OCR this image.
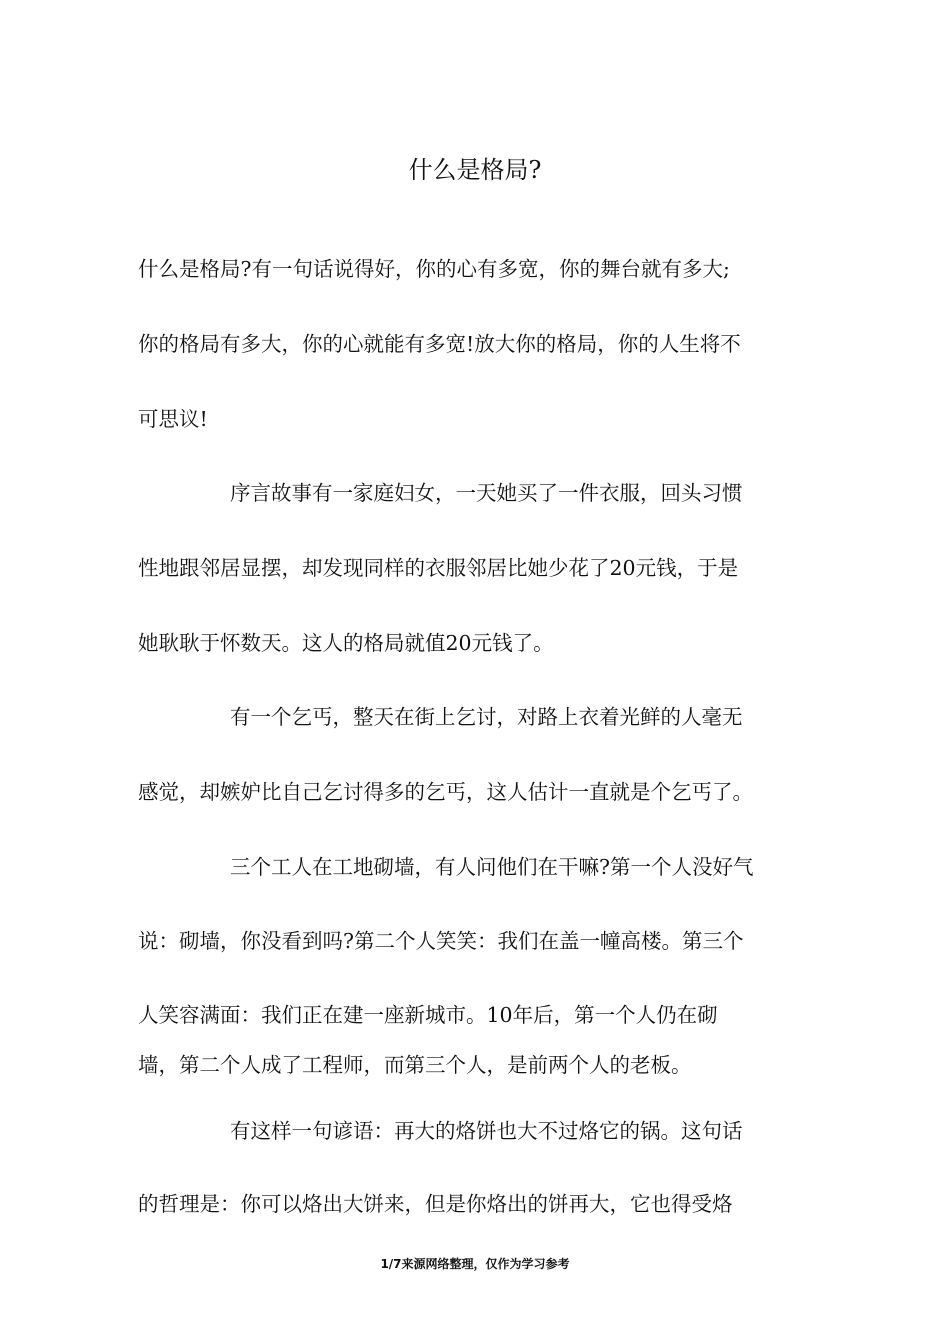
什么是格局?
什么是格局?有一句话说得好，你的心有多宽，你的舞台就有多大;
你的格局有多大，你的心就能有多宽!放大你的格局，你的人生将不
可思议!
序言故事有一家庭妇女，一天她买了一件衣服，回头习惯
性地跟邻居显摆，却发现同样的衣服邻居比她少花了20元钱，于是
她耿耿于怀数天。这人的格局就值20元钱了。
有一个乞丐，整天在街上乞讨，对路上衣着光鲜的人毫无
感觉，却嫉妒比自己乞讨得多的乞丐，这人估计一直就是个乞丐了。
三个工人在工地砌墙，有人问他们在干嘛?第一个人没好气
说：砌墙，你没看到吗?第二个人笑笑：我们在盖一幢高楼。第三个
人笑容满面：我们正在建一座新城市。10年后，第一个人仍在砌
墙，第二个人成了工程师，而第三个人，是前两个人的老板。
有这样一句谚语：再大的烙饼也大不过烙它的锅。这句话
的哲理是：你可以烙出大饼来，但是你烙出的饼再大，它也得受烙
1/7来源网络整理，仅作为学习参考
